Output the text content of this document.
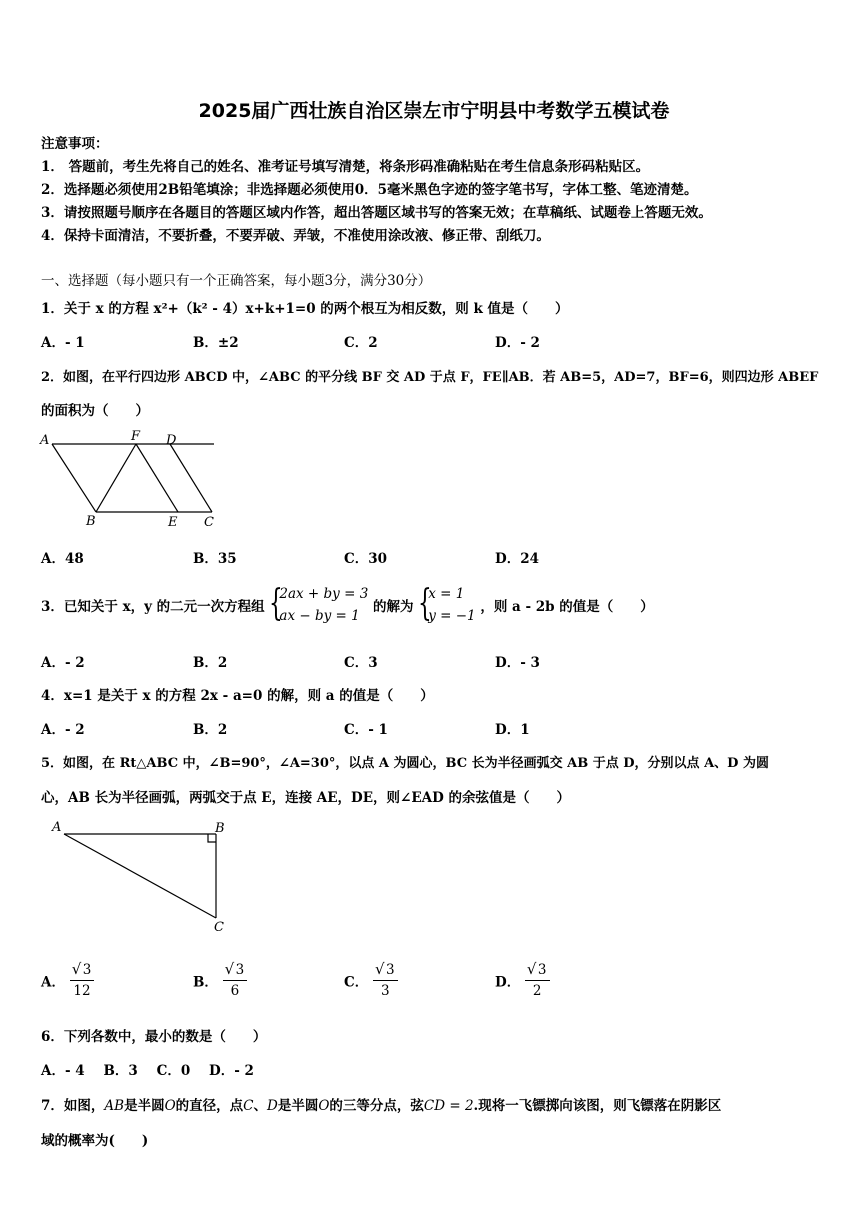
2025届广西壮族自治区崇左市宁明县中考数学五模试卷
注意事项：
1． 答题前，考生先将自己的姓名、准考证号填写清楚，将条形码准确粘贴在考生信息条形码粘贴区。
2．选择题必须使用2B铅笔填涂；非选择题必须使用0．5毫米黑色字迹的签字笔书写，字体工整、笔迹清楚。
3．请按照题号顺序在各题目的答题区域内作答，超出答题区域书写的答案无效；在草稿纸、试题卷上答题无效。
4．保持卡面清洁，不要折叠，不要弄破、弄皱，不准使用涂改液、修正带、刮纸刀。
一、选择题（每小题只有一个正确答案，每小题3分，满分30分）
1．关于 x 的方程 x²+（k² - 4）x+k+1=0 的两个根互为相反数，则 k 值是（　　）
A．- 1	B．±2	C．2	D．- 2
2．如图，在平行四边形 ABCD 中，∠ABC 的平分线 BF 交 AD 于点 F，FE∥AB．若 AB=5，AD=7，BF=6，则四边形 ABEF
的面积为（　　）
A	F D
B	E C
A．48	B．35	C．30	D．24
3．已知关于 x，y 的二元一次方程组 {
2ax + by = 3
ax − by = 1
的解为 {
x = 1
y = −1
，则 a - 2b 的值是（　　）
A．- 2	B．2	C．3	D．- 3
4．x=1 是关于 x 的方程 2x - a=0 的解，则 a 的值是（　　）
A．- 2	B．2	C．- 1	D．1
5．如图，在 Rt△ABC 中，∠B=90°，∠A=30°，以点 A 为圆心，BC 长为半径画弧交 AB 于点 D，分别以点 A、D 为圆
心，AB 长为半径画弧，两弧交于点 E，连接 AE，DE，则∠EAD 的余弦值是（　　）
A	B
C
A． √ $\frac{3}{12}$	B． √ $\frac{3}{6}$	C． √ $\frac{3}{3}$	D． √ $\frac{3}{2}$
6．下列各数中，最小的数是（　　）
A．- 4    B．3    C．0    D．- 2
7．如图，AB是半圆O的直径，点C、D是半圆O的三等分点，弦CD = 2.现将一飞镖掷向该图，则飞镖落在阴影区
域的概率为(　　)
